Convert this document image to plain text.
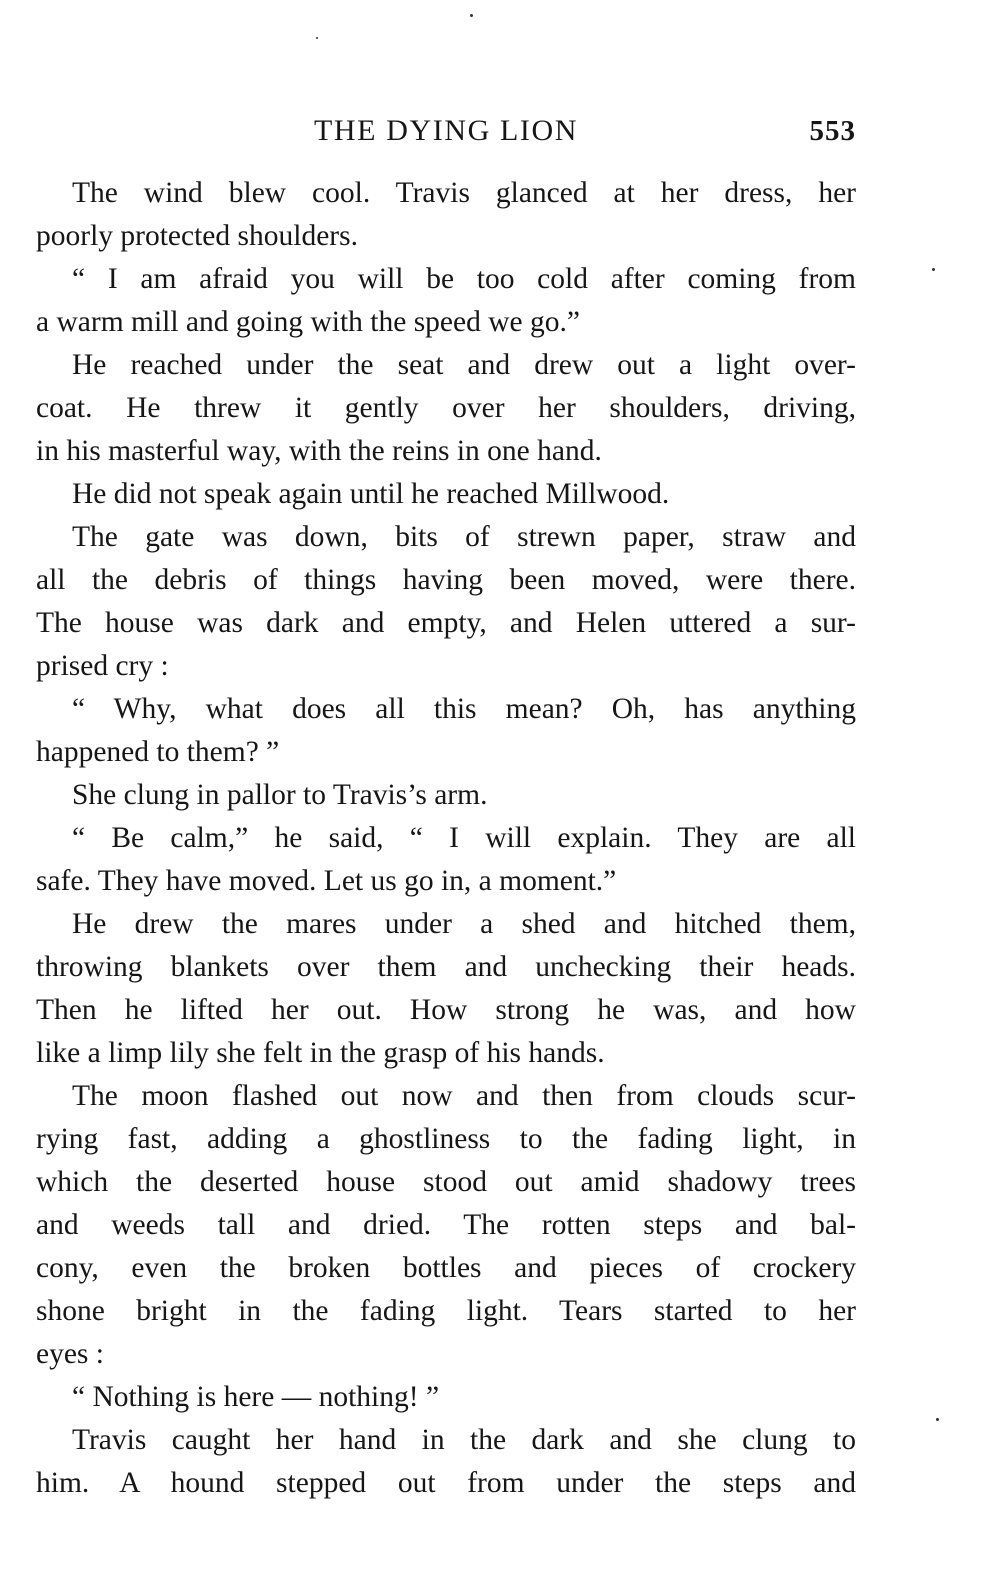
THE DYING LION	553
The wind blew cool. Travis glanced at her dress, her
poorly protected shoulders.
“ I am afraid you will be too cold after coming from
a warm mill and going with the speed we go.”
He reached under the seat and drew out a light over-
coat. He threw it gently over her shoulders, driving,
in his masterful way, with the reins in one hand.
He did not speak again until he reached Millwood.
The gate was down, bits of strewn paper, straw and
all the debris of things having been moved, were there.
The house was dark and empty, and Helen uttered a sur-
prised cry :
“ Why, what does all this mean? Oh, has anything
happened to them? ”
She clung in pallor to Travis’s arm.
“ Be calm,” he said, “ I will explain. They are all
safe. They have moved. Let us go in, a moment.”
He drew the mares under a shed and hitched them,
throwing blankets over them and unchecking their heads.
Then he lifted her out. How strong he was, and how
like a limp lily she felt in the grasp of his hands.
The moon flashed out now and then from clouds scur-
rying fast, adding a ghostliness to the fading light, in
which the deserted house stood out amid shadowy trees
and weeds tall and dried. The rotten steps and bal-
cony, even the broken bottles and pieces of crockery
shone bright in the fading light. Tears started to her
eyes :
“ Nothing is here — nothing! ”
Travis caught her hand in the dark and she clung to
him. A hound stepped out from under the steps and
